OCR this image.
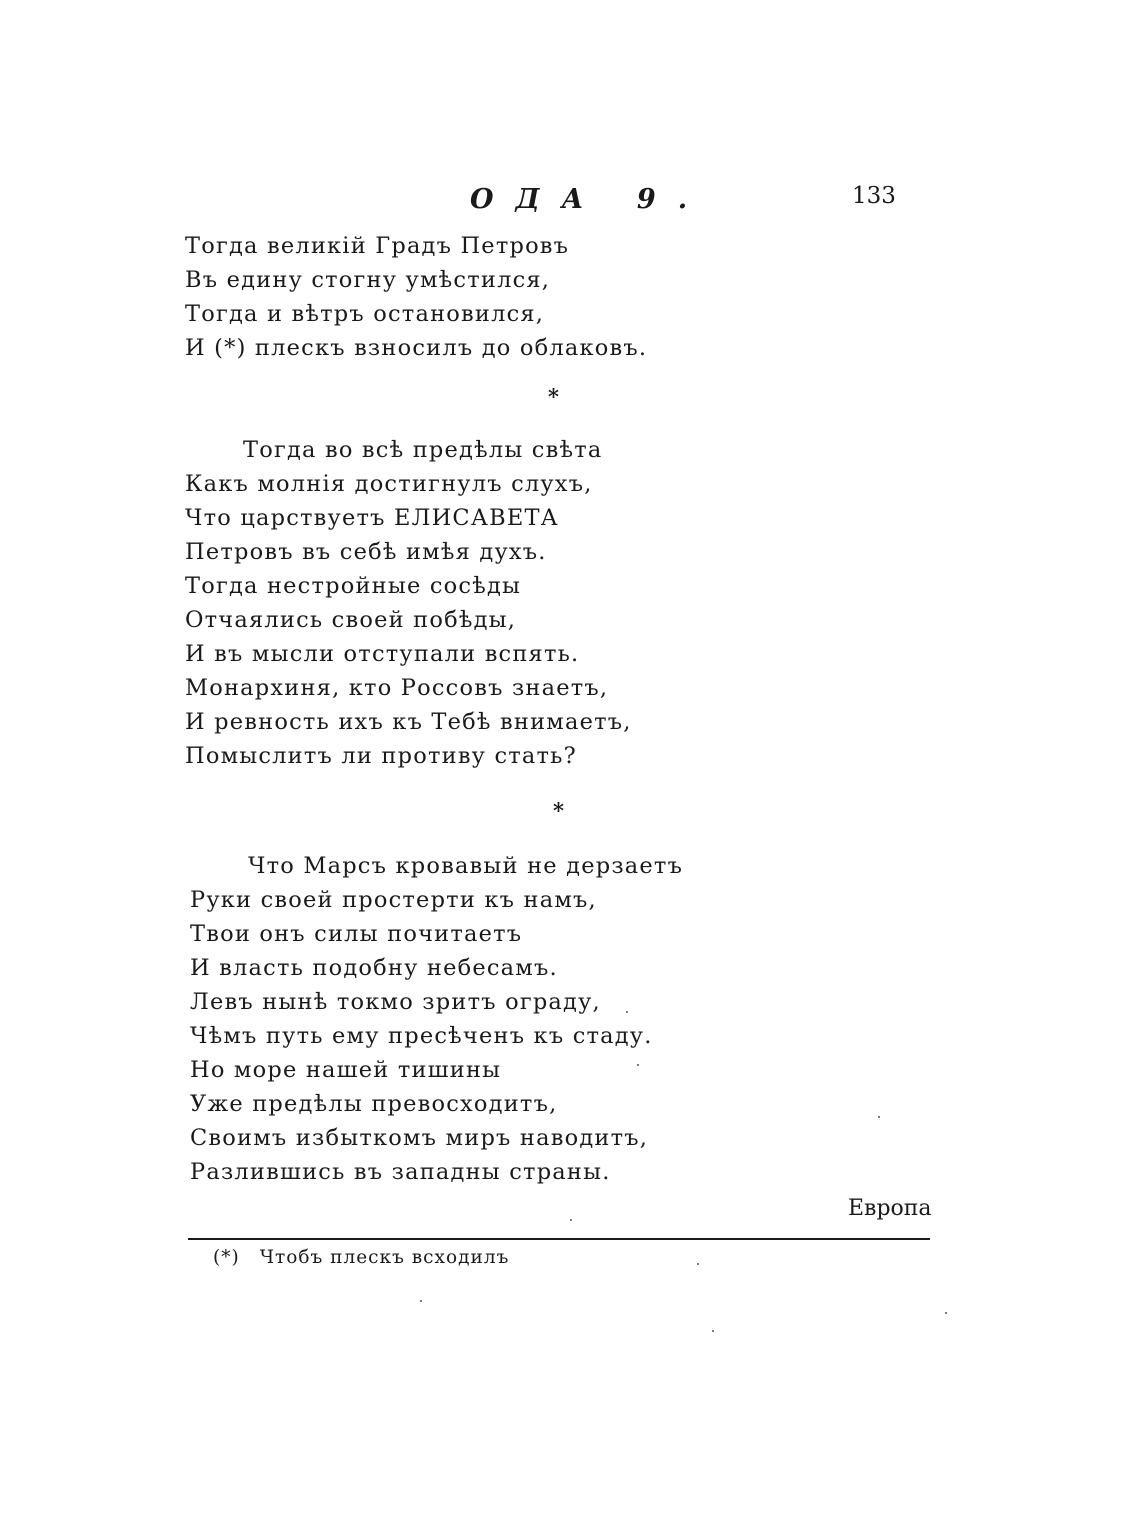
ОДА 9.	133
Тогда великій Градъ Петровъ
Въ едину стогну умѣстился,
Тогда и вѣтръ остановился,
И (*) плескъ взносилъ до облаковъ.
*
Тогда во всѣ предѣлы свѣта
Какъ молнія достигнулъ слухъ,
Что царствуетъ ЕЛИСАВЕТА
Петровъ въ себѣ имѣя духъ.
Тогда нестройные сосѣды
Отчаялись своей побѣды,
И въ мысли отступали вспять.
Монархиня, кто Россовъ знаетъ,
И ревность ихъ къ Тебѣ внимаетъ,
Помыслитъ ли противу стать?
*
Что Марсъ кровавый не дерзаетъ
Руки своей простерти къ намъ,
Твои онъ силы почитаетъ
И власть подобну небесамъ.
Левъ нынѣ токмо зритъ ограду,
Чѣмъ путь ему пресѣченъ къ стаду.
Но море нашей тишины
Уже предѣлы превосходитъ,
Своимъ избыткомъ миръ наводитъ,
Разлившись въ западны страны.
Европа
(*) Чтобъ плескъ всходилъ
